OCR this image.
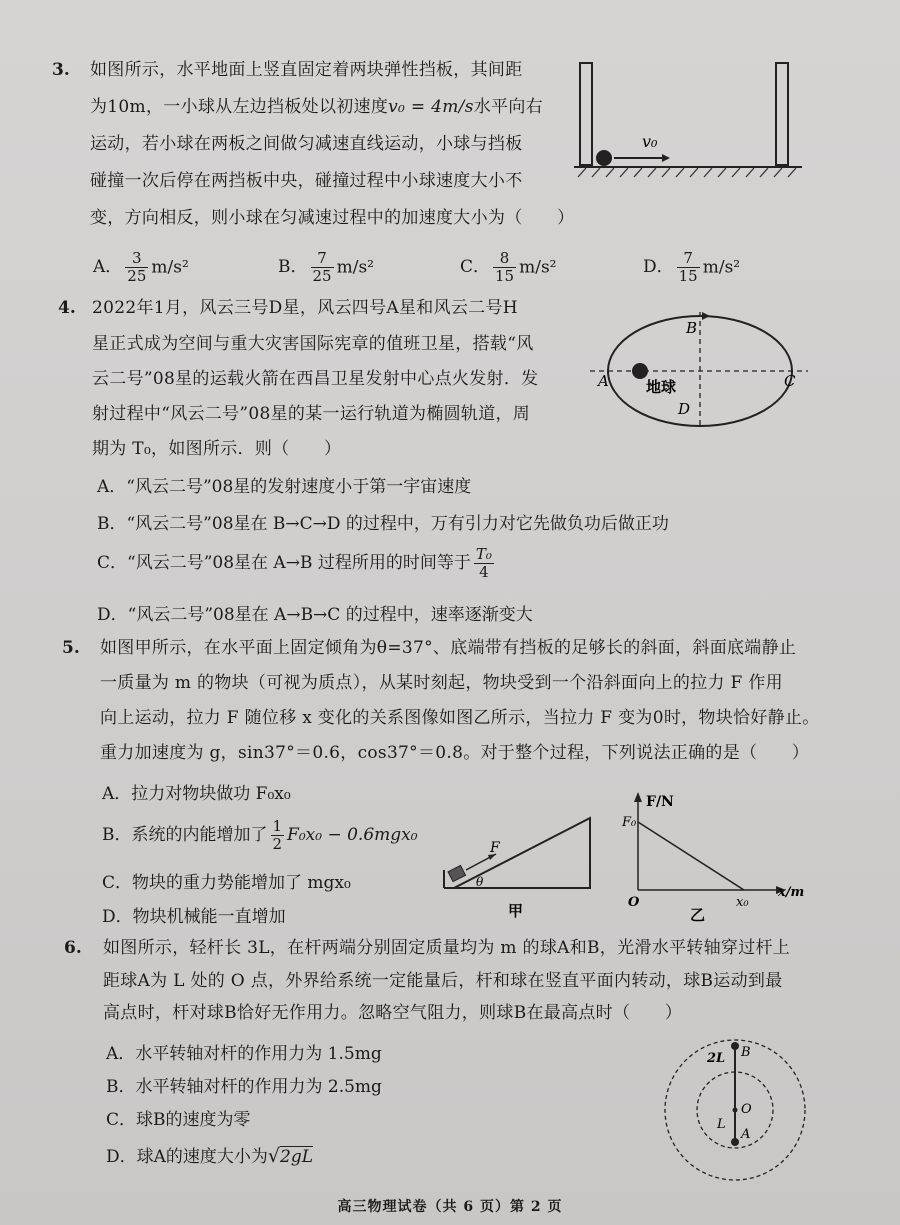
3. 如图所示，水平地面上竖直固定着两块弹性挡板，其间距
为10m，一小球从左边挡板处以初速度v₀ = 4m/s水平向右
运动，若小球在两板之间做匀减速直线运动，小球与挡板
碰撞一次后停在两挡板中央，碰撞过程中小球速度大小不
变，方向相反，则小球在匀减速过程中的加速度大小为（　　）
v₀
A． $\frac{3}{25} m/s^2$	B． $\frac{7}{25} m/s^2$	C． $\frac{8}{15} m/s^2$	D． $\frac{7}{15} m/s^2$
4. 2022年1月，风云三号D星，风云四号A星和风云二号H
星正式成为空间与重大灾害国际宪章的值班卫星，搭载“风
云二号”08星的运载火箭在西昌卫星发射中心点火发射．发
射过程中“风云二号”08星的某一运行轨道为椭圆轨道，周
期为 T₀，如图所示．则（　　）
B
A	C
D
地球
A．“风云二号”08星的发射速度小于第一宇宙速度
B．“风云二号”08星在 B→C→D 的过程中，万有引力对它先做负功后做正功
C．“风云二号”08星在 A→B 过程所用的时间等于 $\frac{\text{T₀}}{4}$
D．“风云二号”08星在 A→B→C 的过程中，速率逐渐变大
5. 如图甲所示，在水平面上固定倾角为θ=37°、底端带有挡板的足够长的斜面，斜面底端静止
一质量为 m 的物块（可视为质点），从某时刻起，物块受到一个沿斜面向上的拉力 F 作用
向上运动，拉力 F 随位移 x 变化的关系图像如图乙所示，当拉力 F 变为0时，物块恰好静止。
重力加速度为 g，sin37°＝0.6，cos37°＝0.8。对于整个过程，下列说法正确的是（　　）
A．拉力对物块做功 F₀x₀
B．系统的内能增加了 $\frac{1}{2} F_0x_0 - 0.6mgx_0$
C．物块的重力势能增加了 mgx₀
D．物块机械能一直增加
F
θ
甲
F/N
F₀
O	x₀
x/m
乙
6. 如图所示，轻杆长 3L，在杆两端分别固定质量均为 m 的球A和B，光滑水平转轴穿过杆上
距球A为 L 处的 O 点，外界给系统一定能量后，杆和球在竖直平面内转动，球B运动到最
高点时，杆对球B恰好无作用力。忽略空气阻力，则球B在最高点时（　　）
A．水平转轴对杆的作用力为 1.5mg
B．水平转轴对杆的作用力为 2.5mg
C．球B的速度为零
D．球A的速度大小为√2gL
2L B
O
L
A
高三物理试卷（共 6 页）第 2 页
